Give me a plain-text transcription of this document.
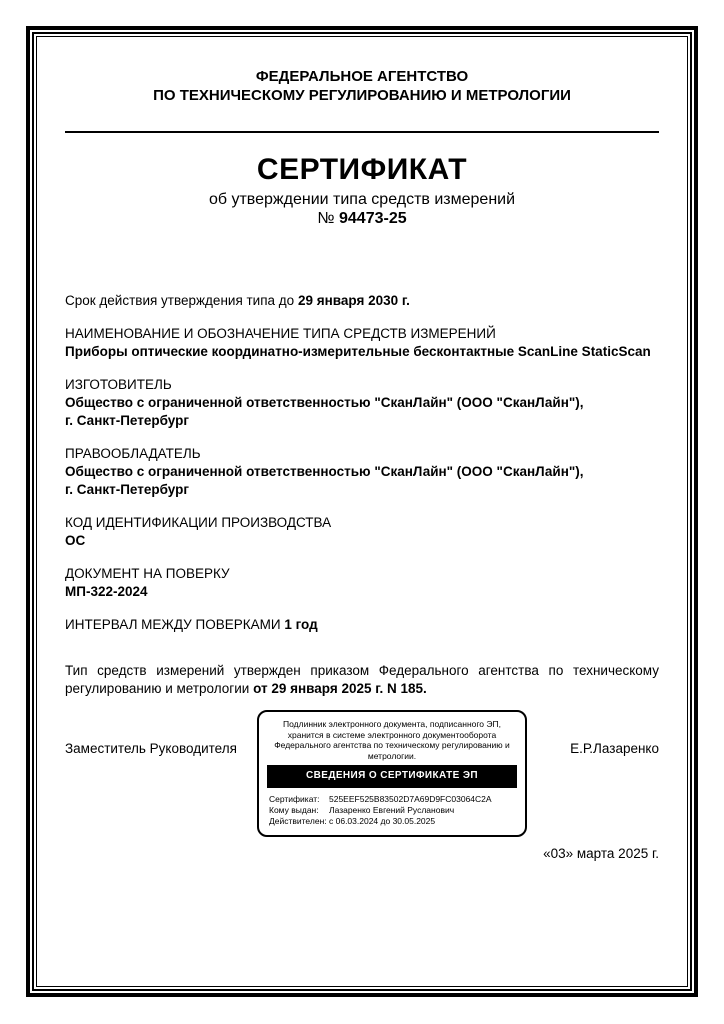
ФЕДЕРАЛЬНОЕ АГЕНТСТВО
ПО ТЕХНИЧЕСКОМУ РЕГУЛИРОВАНИЮ И МЕТРОЛОГИИ
СЕРТИФИКАТ
об утверждении типа средств измерений
№ 94473-25
Срок действия утверждения типа до 29 января 2030 г.
НАИМЕНОВАНИЕ И ОБОЗНАЧЕНИЕ ТИПА СРЕДСТВ ИЗМЕРЕНИЙ
Приборы оптические координатно-измерительные бесконтактные ScanLine StaticScan
ИЗГОТОВИТЕЛЬ
Общество с ограниченной ответственностью "СканЛайн" (ООО "СканЛайн"),
г. Санкт-Петербург
ПРАВООБЛАДАТЕЛЬ
Общество с ограниченной ответственностью "СканЛайн" (ООО "СканЛайн"),
г. Санкт-Петербург
КОД ИДЕНТИФИКАЦИИ ПРОИЗВОДСТВА
ОС
ДОКУМЕНТ НА ПОВЕРКУ
МП-322-2024
ИНТЕРВАЛ МЕЖДУ ПОВЕРКАМИ 1 год
Тип средств измерений утвержден приказом Федерального агентства по техническому регулированию и метрологии от 29 января 2025 г. N 185.
Заместитель Руководителя
Подлинник электронного документа, подписанного ЭП,
хранится в системе электронного документооборота
Федерального агентства по техническому регулированию и
метрологии.
СВЕДЕНИЯ О СЕРТИФИКАТЕ ЭП
Сертификат: 525EEF525B83502D7A69D9FC03064C2A
Кому выдан: Лазаренко Евгений Русланович
Действителен: с 06.03.2024 до 30.05.2025
Е.Р.Лазаренко
«03» марта 2025 г.
